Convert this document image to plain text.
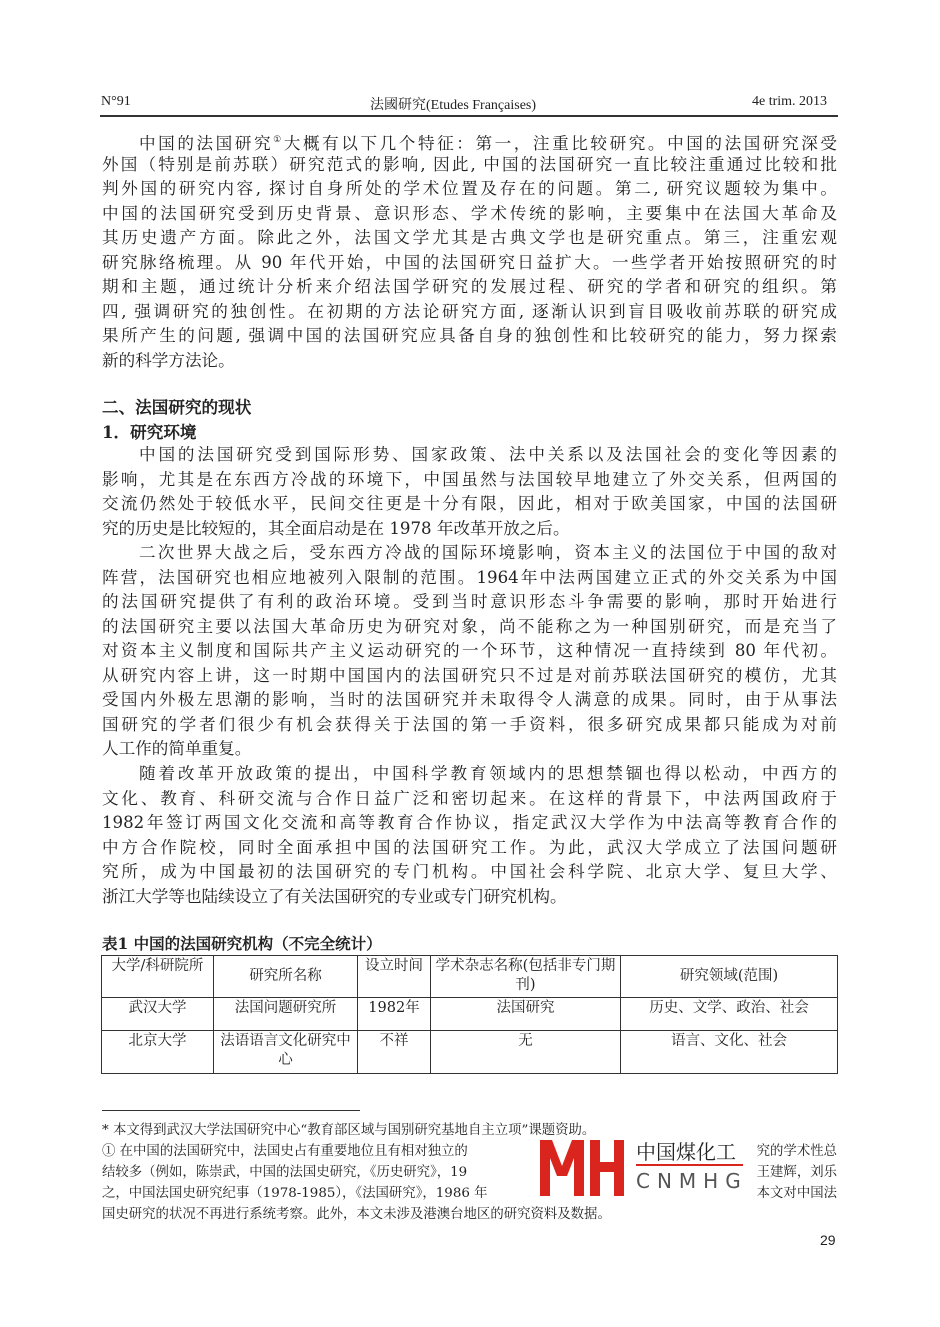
N°91	法國研究(Etudes Françaises)	4e trim. 2013
中国的法国研究①大概有以下几个特征：第一，注重比较研究。中国的法国研究深受
外国（特别是前苏联）研究范式的影响, 因此, 中国的法国研究一直比较注重通过比较和批
判外国的研究内容, 探讨自身所处的学术位置及存在的问题。第二, 研究议题较为集中。
中国的法国研究受到历史背景、意识形态、学术传统的影响，主要集中在法国大革命及
其历史遗产方面。除此之外，法国文学尤其是古典文学也是研究重点。第三，注重宏观
研究脉络梳理。从 90 年代开始，中国的法国研究日益扩大。一些学者开始按照研究的时
期和主题，通过统计分析来介绍法国学研究的发展过程、研究的学者和研究的组织。第
四, 强调研究的独创性。在初期的方法论研究方面, 逐渐认识到盲目吸收前苏联的研究成
果所产生的问题, 强调中国的法国研究应具备自身的独创性和比较研究的能力，努力探索
新的科学方法论。
中国的法国研究受到国际形势、国家政策、法中关系以及法国社会的变化等因素的
影响，尤其是在东西方冷战的环境下，中国虽然与法国较早地建立了外交关系，但两国的
交流仍然处于较低水平，民间交往更是十分有限，因此，相对于欧美国家，中国的法国研
究的历史是比较短的，其全面启动是在 1978 年改革开放之后。
二次世界大战之后，受东西方冷战的国际环境影响，资本主义的法国位于中国的敌对
阵营，法国研究也相应地被列入限制的范围。1964年中法两国建立正式的外交关系为中国
的法国研究提供了有利的政治环境。受到当时意识形态斗争需要的影响，那时开始进行
的法国研究主要以法国大革命历史为研究对象，尚不能称之为一种国别研究，而是充当了
对资本主义制度和国际共产主义运动研究的一个环节，这种情况一直持续到 80 年代初。
从研究内容上讲，这一时期中国国内的法国研究只不过是对前苏联法国研究的模仿，尤其
受国内外极左思潮的影响，当时的法国研究并未取得令人满意的成果。同时，由于从事法
国研究的学者们很少有机会获得关于法国的第一手资料，很多研究成果都只能成为对前
人工作的简单重复。
随着改革开放政策的提出，中国科学教育领域内的思想禁锢也得以松动，中西方的
文化、教育、科研交流与合作日益广泛和密切起来。在这样的背景下，中法两国政府于
1982年签订两国文化交流和高等教育合作协议，指定武汉大学作为中法高等教育合作的
中方合作院校，同时全面承担中国的法国研究工作。为此，武汉大学成立了法国问题研
究所，成为中国最初的法国研究的专门机构。中国社会科学院、北京大学、复旦大学、
浙江大学等也陆续设立了有关法国研究的专业或专门研究机构。
二、法国研究的现状
1．研究环境
表1 中国的法国研究机构（不完全统计）
大学/科研院所	研究所名称	设立时间	学术杂志名称(包括非专门期刊)	研究领域(范围)
武汉大学	法国问题研究所	1982年	法国研究	历史、文学、政治、社会
北京大学	法语语言文化研究中心	不祥	无	语言、文化、社会
* 本文得到武汉大学法国研究中心“教育部区域与国别研究基地自主立项”课题资助。
① 在中国的法国研究中，法国史占有重要地位且有相对独立的	究的学术性总
结较多（例如，陈崇武，中国的法国史研究，《历史研究》，19	王建辉，刘乐
之，中国法国史研究纪事（1978-1985），《法国研究》，1986 年	本文对中国法
国史研究的状况不再进行系统考察。此外，本文未涉及港澳台地区的研究资料及数据。
中国煤化工
CNMHG
29
